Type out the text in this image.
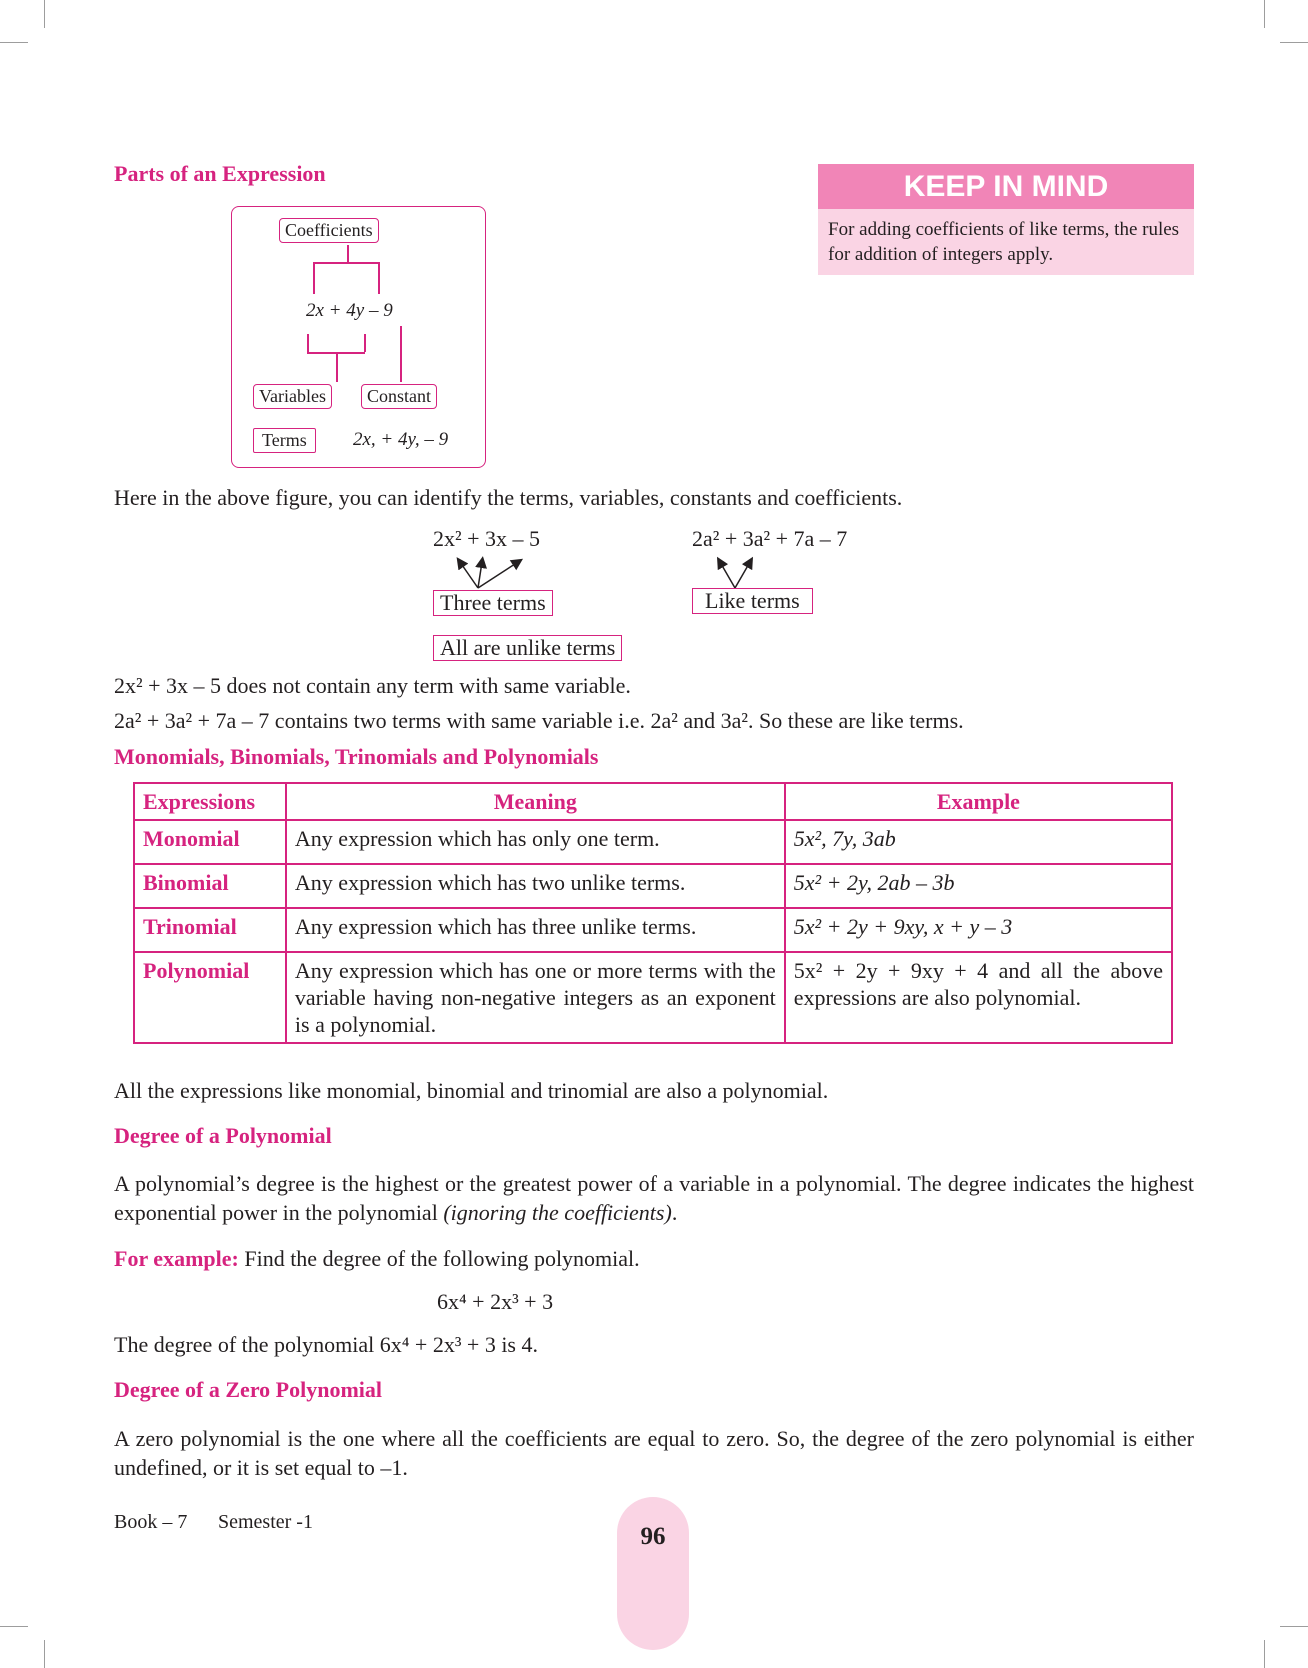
Parts of an Expression
Coefficients
2x + 4y – 9
Variables	Constant
Terms	2x, + 4y, – 9
KEEP IN MIND
For adding coefficients of like terms, the rules for addition of integers apply.
Here in the above figure, you can identify the terms, variables, constants and coefficients.
2x² + 3x – 5	2a² + 3a² + 7a – 7
Three terms	Like terms
All are unlike terms
2x² + 3x – 5 does not contain any term with same variable.
2a² + 3a² + 7a – 7 contains two terms with same variable i.e. 2a² and 3a². So these are like terms.
Monomials, Binomials, Trinomials and Polynomials
Expressions	Meaning	Example
Monomial	Any expression which has only one term.	5x², 7y, 3ab
Binomial	Any expression which has two unlike terms.	5x² + 2y, 2ab – 3b
Trinomial	Any expression which has three unlike terms.	5x² + 2y + 9xy, x + y – 3
Polynomial	Any expression which has one or more terms with the variable having non-negative integers as an exponent is a polynomial.	5x² + 2y + 9xy + 4 and all the above expressions are also polynomial.
All the expressions like monomial, binomial and trinomial are also a polynomial.
Degree of a Polynomial
A polynomial’s degree is the highest or the greatest power of a variable in a polynomial. The degree indicates the highest exponential power in the polynomial (ignoring the coefficients).
For example: Find the degree of the following polynomial.
6x⁴ + 2x³ + 3
The degree of the polynomial 6x⁴ + 2x³ + 3 is 4.
Degree of a Zero Polynomial
A zero polynomial is the one where all the coefficients are equal to zero. So, the degree of the zero polynomial is either undefined, or it is set equal to –1.
Book – 7 Semester -1
96
